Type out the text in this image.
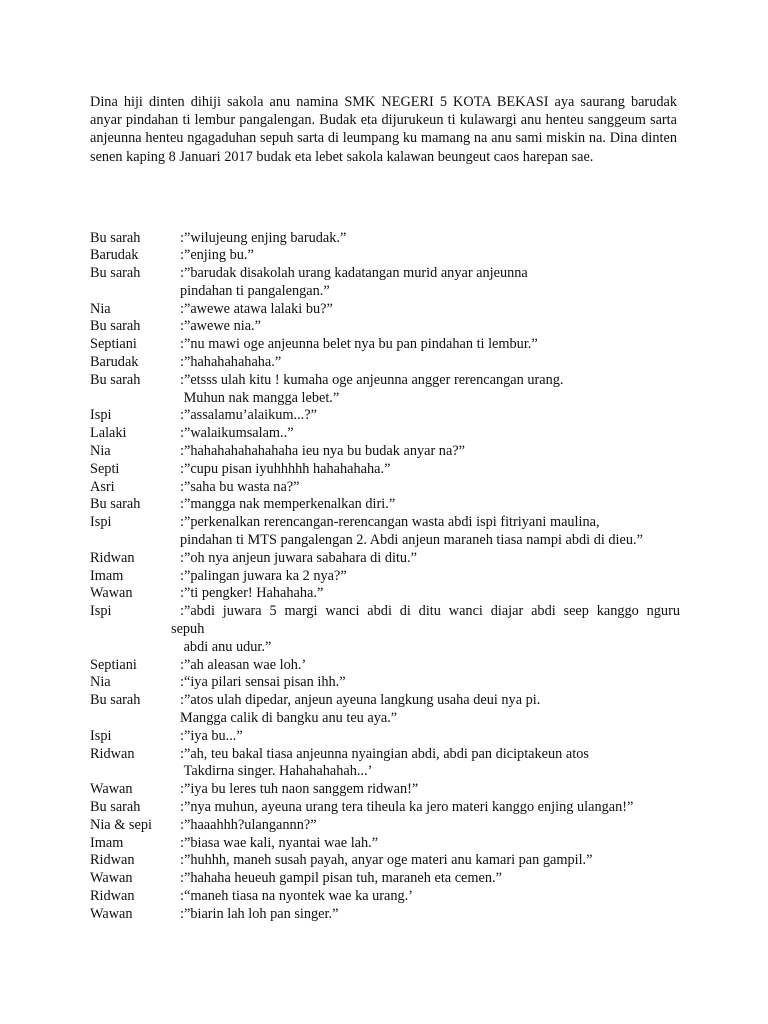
Dina hiji dinten dihiji sakola anu namina SMK NEGERI 5 KOTA BEKASI aya saurang barudak anyar pindahan ti lembur pangalengan. Budak eta dijurukeun ti kulawargi anu henteu sanggeum sarta anjeunna henteu ngagaduhan sepuh sarta di leumpang ku mamang na anu sami miskin na. Dina dinten senen kaping 8 Januari 2017 budak eta lebet sakola kalawan beungeut caos harepan sae.

Bu sarah	:”wilujeung enjing barudak.”
Barudak	:”enjing bu.”
Bu sarah	:”barudak disakolah urang kadatangan murid anyar anjeunna
pindahan ti pangalengan.”
Nia	:”awewe atawa lalaki bu?”
Bu sarah	:”awewe nia.”
Septiani	:”nu mawi oge anjeunna belet nya bu pan pindahan ti lembur.”
Barudak	:”hahahahahaha.”
Bu sarah	:”etsss ulah kitu ! kumaha oge anjeunna angger rerencangan urang.
Muhun nak mangga lebet.”
Ispi	:”assalamu’alaikum...?”
Lalaki	:”walaikumsalam..”
Nia	:”hahahahahahahaha ieu nya bu budak anyar na?”
Septi	:”cupu pisan iyuhhhhh hahahahaha.”
Asri	:”saha bu wasta na?”
Bu sarah	:”mangga nak memperkenalkan diri.”
Ispi	:”perkenalkan rerencangan-rerencangan wasta abdi ispi fitriyani maulina,
pindahan ti MTS pangalengan 2. Abdi anjeun maraneh tiasa nampi abdi di dieu.”
Ridwan	:”oh nya anjeun juwara sabahara di ditu.”
Imam	:”palingan juwara ka 2 nya?”
Wawan	:”ti pengker! Hahahaha.”
Ispi	:”abdi juwara 5 margi wanci abdi di ditu wanci diajar abdi seep kanggo nguru
sepuh
abdi anu udur.”
Septiani	:”ah aleasan wae loh.’
Nia	:“iya pilari sensai pisan ihh.”
Bu sarah	:”atos ulah dipedar, anjeun ayeuna langkung usaha deui nya pi.
Mangga calik di bangku anu teu aya.”
Ispi	:”iya bu...”
Ridwan	:”ah, teu bakal tiasa anjeunna nyaingian abdi, abdi pan diciptakeun atos
Takdirna singer. Hahahahahah...’
Wawan	:”iya bu leres tuh naon sanggem ridwan!”
Bu sarah	:”nya muhun, ayeuna urang tera tiheula ka jero materi kanggo enjing ulangan!”
Nia & sepi	:”haaahhh?ulangannn?”
Imam	:”biasa wae kali, nyantai wae lah.”
Ridwan	:”huhhh, maneh susah payah, anyar oge materi anu kamari pan gampil.”
Wawan	:”hahaha heueuh gampil pisan tuh, maraneh eta cemen.”
Ridwan	:“maneh tiasa na nyontek wae ka urang.’
Wawan	:”biarin lah loh pan singer.”
